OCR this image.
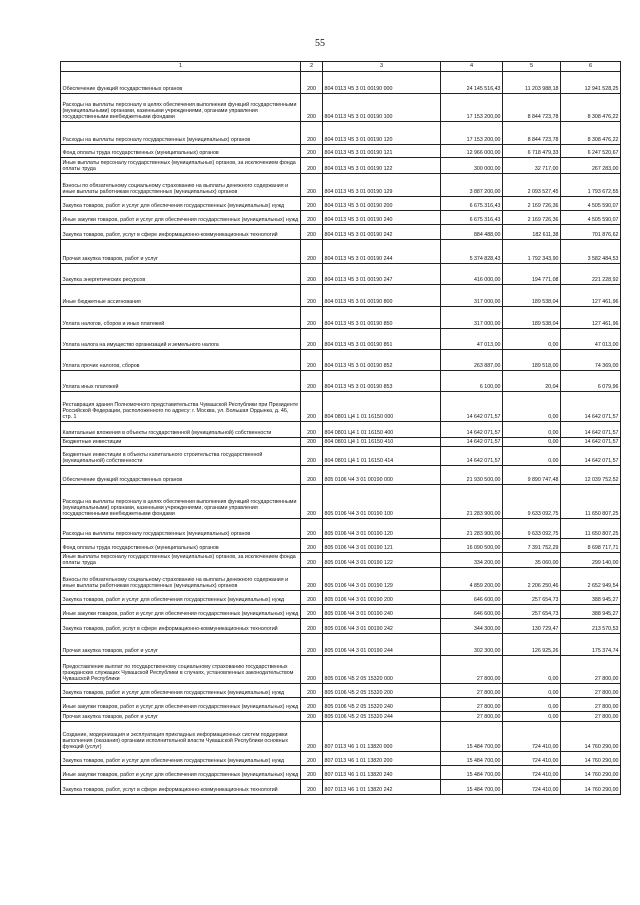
55
1	2	3	4	5	6
Обеспечение функций государственных органов	200	804 0113 Ч5 3 01 00190 000	24 145 516,43	11 203 988,18	12 941 528,25
Расходы на выплаты персоналу в целях обеспечения выполнения функций государственными (муниципальными) органами, казенными учреждениями, органами управления государственными внебюджетными фондами	200	804 0113 Ч5 3 01 00190 100	17 153 200,00	8 844 723,78	8 308 476,22
Расходы на выплаты персоналу государственных (муниципальных) органов	200	804 0113 Ч5 3 01 00190 120	17 153 200,00	8 844 723,78	8 308 476,22
Фонд оплаты труда государственных (муниципальных) органов	200	804 0113 Ч5 3 01 00190 121	12 966 000,00	6 718 479,33	6 247 520,67
Иные выплаты персоналу государственных (муниципальных) органов, за исключением фонда оплаты труда	200	804 0113 Ч5 3 01 00190 122	300 000,00	32 717,00	267 283,00
Взносы по обязательному социальному страхованию на выплаты денежного содержания и иные выплаты работникам государственных (муниципальных) органов	200	804 0113 Ч5 3 01 00190 129	3 887 200,00	2 093 527,45	1 793 672,55
Закупка товаров, работ и услуг для обеспечения государственных (муниципальных) нужд	200	804 0113 Ч5 3 01 00190 200	6 675 316,43	2 169 726,36	4 505 590,07
Иные закупки товаров, работ и услуг для обеспечения государственных (муниципальных) нужд	200	804 0113 Ч5 3 01 00190 240	6 675 316,43	2 169 726,36	4 505 590,07
Закупка товаров, работ, услуг в сфере информационно-коммуникационных технологий	200	804 0113 Ч5 3 01 00190 242	884 488,00	182 611,38	701 876,62
Прочая закупка товаров, работ и услуг	200	804 0113 Ч5 3 01 00190 244	5 374 828,43	1 792 343,90	3 582 484,53
Закупка энергетических ресурсов	200	804 0113 Ч5 3 01 00190 247	416 000,00	194 771,08	221 228,92
Иные бюджетные ассигнования	200	804 0113 Ч5 3 01 00190 800	317 000,00	189 538,04	127 461,96
Уплата налогов, сборов и иных платежей	200	804 0113 Ч5 3 01 00190 850	317 000,00	189 538,04	127 461,96
Уплата налога на имущество организаций и земельного налога	200	804 0113 Ч5 3 01 00190 851	47 013,00	0,00	47 013,00
Уплата прочих налогов, сборов	200	804 0113 Ч5 3 01 00190 852	263 887,00	189 518,00	74 369,00
Уплата иных платежей	200	804 0113 Ч5 3 01 00190 853	6 100,00	20,04	6 079,96
Реставрация здания Полномочного представительства Чувашской Республики при Президенте Российской Федерации, расположенного по адресу: г. Москва, ул. Большая Ордынка, д. 46, стр. 1	200	804 0801 Ц4 1 01 16150 000	14 642 071,57	0,00	14 642 071,57
Капитальные вложения в объекты государственной (муниципальной) собственности	200	804 0801 Ц4 1 01 16150 400	14 642 071,57	0,00	14 642 071,57
Бюджетные инвестиции	200	804 0801 Ц4 1 01 16150 410	14 642 071,57	0,00	14 642 071,57
Бюджетные инвестиции в объекты капитального строительства государственной (муниципальной) собственности	200	804 0801 Ц4 1 01 16150 414	14 642 071,57	0,00	14 642 071,57
Обеспечение функций государственных органов	200	805 0106 Ч4 3 01 00190 000	21 930 500,00	9 890 747,48	12 039 752,52
Расходы на выплаты персоналу в целях обеспечения выполнения функций государственными (муниципальными) органами, казенными учреждениями, органами управления государственными внебюджетными фондами	200	805 0106 Ч4 3 01 00190 100	21 283 900,00	9 633 092,75	11 650 807,25
Расходы на выплаты персоналу государственных (муниципальных) органов	200	805 0106 Ч4 3 01 00190 120	21 283 900,00	9 633 092,75	11 650 807,25
Фонд оплаты труда государственных (муниципальных) органов	200	805 0106 Ч4 3 01 00190 121	16 090 500,00	7 391 752,29	8 698 717,71
Иные выплаты персоналу государственных (муниципальных) органов, за исключением фонда оплаты труда	200	805 0106 Ч4 3 01 00190 122	334 200,00	35 060,00	299 140,00
Взносы по обязательному социальному страхованию на выплаты денежного содержания и иные выплаты работникам государственных (муниципальных) органов	200	805 0106 Ч4 3 01 00190 129	4 859 200,00	2 206 250,46	2 652 949,54
Закупка товаров, работ и услуг для обеспечения государственных (муниципальных) нужд	200	805 0106 Ч4 3 01 00190 200	646 600,00	257 654,73	388 945,27
Иные закупки товаров, работ и услуг для обеспечения государственных (муниципальных) нужд	200	805 0106 Ч4 3 01 00190 240	646 600,00	257 654,73	388 945,27
Закупка товаров, работ, услуг в сфере информационно-коммуникационных технологий	200	805 0106 Ч4 3 01 00190 242	344 300,00	130 729,47	213 570,53
Прочая закупка товаров, работ и услуг	200	805 0106 Ч4 3 01 00190 244	302 300,00	126 925,26	175 374,74
Предоставление выплат по государственному социальному страхованию государственных гражданских служащих Чувашской Республики в случаях, установленных законодательством Чувашской Республики	200	805 0106 Ч5 2 05 15320 000	27 800,00	0,00	27 800,00
Закупка товаров, работ и услуг для обеспечения государственных (муниципальных) нужд	200	805 0106 Ч5 2 05 15320 200	27 800,00	0,00	27 800,00
Иные закупки товаров, работ и услуг для обеспечения государственных (муниципальных) нужд	200	805 0106 Ч5 2 05 15320 240	27 800,00	0,00	27 800,00
Прочая закупка товаров, работ и услуг	200	805 0106 Ч5 2 05 15320 244	27 800,00	0,00	27 800,00
Создание, модернизация и эксплуатация прикладных информационных систем поддержки выполнения (оказания) органами исполнительной власти Чувашской Республики основных функций (услуг)	200	807 0113 Ч6 1 01 13820 000	15 484 700,00	724 410,00	14 760 290,00
Закупка товаров, работ и услуг для обеспечения государственных (муниципальных) нужд	200	807 0113 Ч6 1 01 13820 200	15 484 700,00	724 410,00	14 760 290,00
Иные закупки товаров, работ и услуг для обеспечения государственных (муниципальных) нужд	200	807 0113 Ч6 1 01 13820 240	15 484 700,00	724 410,00	14 760 290,00
Закупка товаров, работ, услуг в сфере информационно-коммуникационных технологий	200	807 0113 Ч6 1 01 13820 242	15 484 700,00	724 410,00	14 760 290,00
